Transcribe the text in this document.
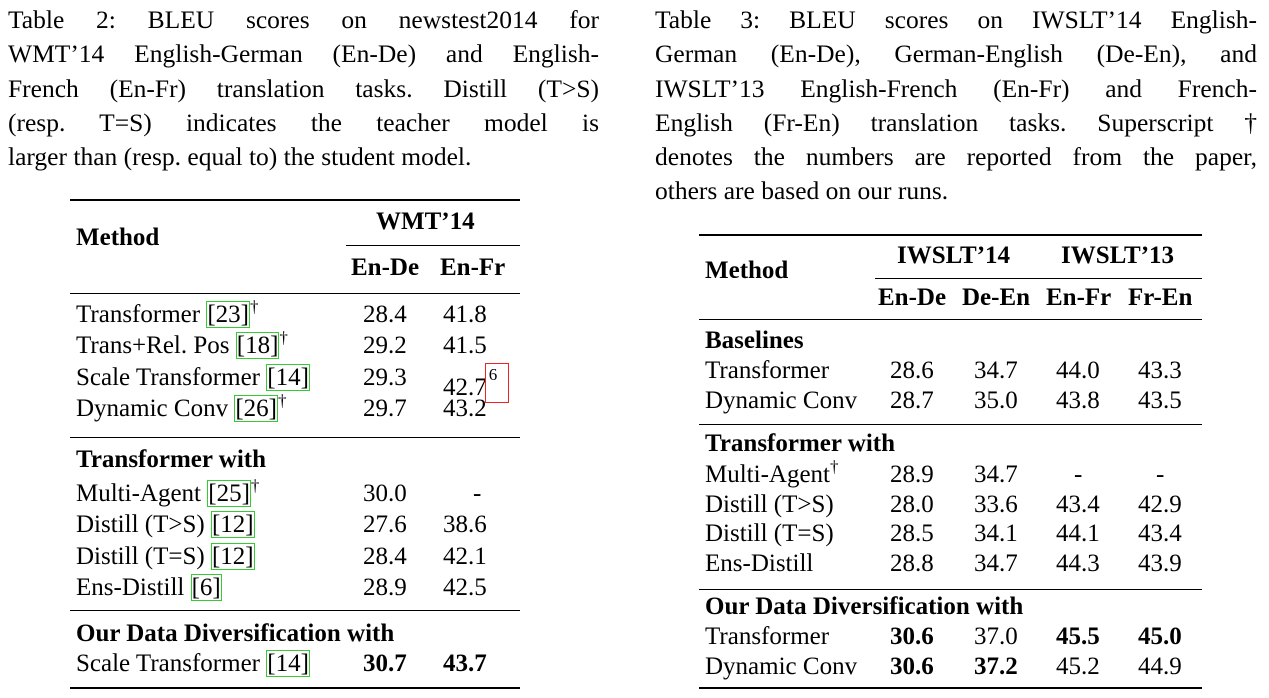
Table 2: BLEU scores on newstest2014 for
WMT’14 English-German (En-De) and English-
French (En-Fr) translation tasks. Distill (T>S)
(resp. T=S) indicates the teacher model is
larger than (resp. equal to) the student model.
Table 3: BLEU scores on IWSLT’14 English-
German (En-De), German-English (De-En), and
IWSLT’13 English-French (En-Fr) and French-
English (Fr-En) translation tasks. Superscript †
denotes the numbers are reported from the paper,
others are based on our runs.
Method
WMT’14
En-De En-Fr
Transformer [23]†	28.4 41.8
Trans+Rel. Pos [18]†	29.2 41.5
Scale Transformer [14] 29.3 42.7 6
Dynamic Conv [26]†	29.7 43.2
Transformer with
Multi-Agent [25]†	30.0	-
Distill (T>S) [12]	27.6 38.6
Distill (T=S) [12]	28.4 42.1
Ens-Distill [6]	28.9 42.5
Our Data Diversification with
Scale Transformer [14] 30.7 43.7
Method
IWSLT’14 IWSLT’13
En-De De-En En-Fr Fr-En
Baselines
Transformer 28.6 34.7 44.0 43.3
Dynamic Conv 28.7 35.0 43.8 43.5
Transformer with
Multi-Agent† 28.9 34.7 -	-
Distill (T>S) 28.0 33.6 43.4 42.9
Distill (T=S) 28.5 34.1 44.1 43.4
Ens-Distill	28.8 34.7 44.3 43.9
Our Data Diversification with
Transformer 30.6 37.0 45.5 45.0
Dynamic Conv 30.6 37.2 45.2 44.9
